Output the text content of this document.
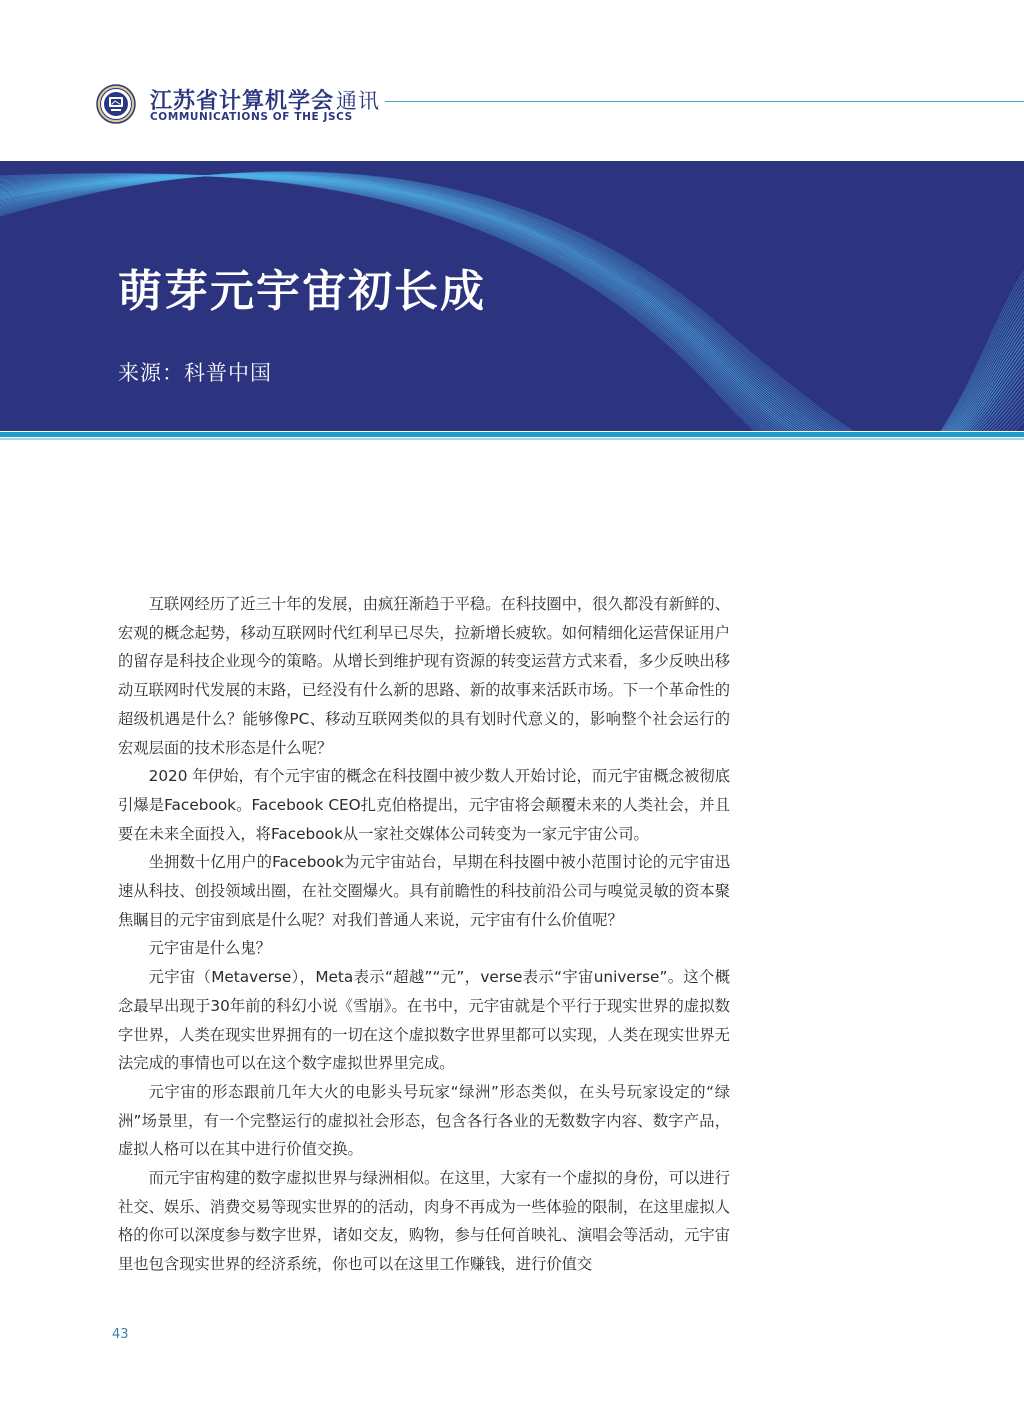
江苏省计算机学会通讯
COMMUNICATIONS OF THE JSCS
萌芽元宇宙初长成
来源：科普中国

互联网经历了近三十年的发展，由疯狂渐趋于平稳。在科技圈中，很久都没有新鲜的、宏观的概念起势，移动互联网时代红利早已尽失，拉新增长疲软。如何精细化运营保证用户的留存是科技企业现今的策略。从增长到维护现有资源的转变运营方式来看，多少反映出移动互联网时代发展的末路，已经没有什么新的思路、新的故事来活跃市场。下一个革命性的超级机遇是什么？能够像PC、移动互联网类似的具有划时代意义的，影响整个社会运行的宏观层面的技术形态是什么呢？

2020 年伊始，有个元宇宙的概念在科技圈中被少数人开始讨论，而元宇宙概念被彻底引爆是Facebook。Facebook CEO扎克伯格提出，元宇宙将会颠覆未来的人类社会，并且要在未来全面投入，将Facebook从一家社交媒体公司转变为一家元宇宙公司。

坐拥数十亿用户的Facebook为元宇宙站台，早期在科技圈中被小范围讨论的元宇宙迅速从科技、创投领域出圈，在社交圈爆火。具有前瞻性的科技前沿公司与嗅觉灵敏的资本聚焦瞩目的元宇宙到底是什么呢？对我们普通人来说，元宇宙有什么价值呢？

元宇宙是什么鬼？

元宇宙（Metaverse），Meta表示“超越”“元”，verse表示“宇宙universe”。这个概念最早出现于30年前的科幻小说《雪崩》。在书中，元宇宙就是个平行于现实世界的虚拟数字世界，人类在现实世界拥有的一切在这个虚拟数字世界里都可以实现，人类在现实世界无法完成的事情也可以在这个数字虚拟世界里完成。

元宇宙的形态跟前几年大火的电影头号玩家“绿洲”形态类似，在头号玩家设定的“绿洲”场景里，有一个完整运行的虚拟社会形态，包含各行各业的无数数字内容、数字产品，虚拟人格可以在其中进行价值交换。

而元宇宙构建的数字虚拟世界与绿洲相似。在这里，大家有一个虚拟的身份，可以进行社交、娱乐、消费交易等现实世界的的活动，肉身不再成为一些体验的限制，在这里虚拟人格的你可以深度参与数字世界，诸如交友，购物，参与任何首映礼、演唱会等活动，元宇宙里也包含现实世界的经济系统，你也可以在这里工作赚钱，进行价值交

43
